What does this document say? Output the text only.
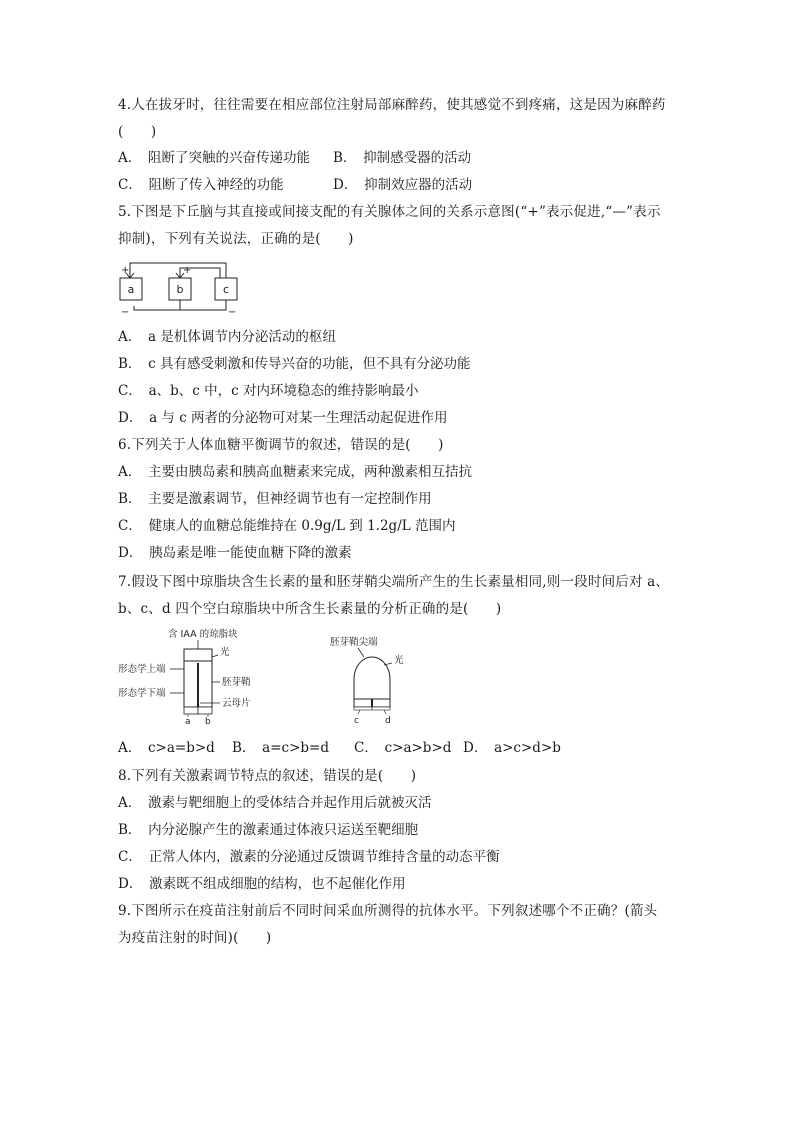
4.人在拔牙时，往往需要在相应部位注射局部麻醉药，使其感觉不到疼痛，这是因为麻醉药
(　　)
A．　阻断了突触的兴奋传递功能 B．　抑制感受器的活动
C．　阻断了传入神经的功能	D．　抑制效应器的活动
5.下图是下丘脑与其直接或间接支配的有关腺体之间的关系示意图(“+”表示促进,“—”表示
抑制)，下列有关说法，正确的是(　　)
a	b	c
+	+
−	−
A．　a 是机体调节内分泌活动的枢纽
B．　c 具有感受刺激和传导兴奋的功能，但不具有分泌功能
C．　a、b、c 中，c 对内环境稳态的维持影响最小
D．　a 与 c 两者的分泌物可对某一生理活动起促进作用
6.下列关于人体血糖平衡调节的叙述，错误的是(　　)
A．　主要由胰岛素和胰高血糖素来完成，两种激素相互拮抗
B．　主要是激素调节，但神经调节也有一定控制作用
C．　健康人的血糖总能维持在 0.9g/L 到 1.2g/L 范围内
D．　胰岛素是唯一能使血糖下降的激素
7.假设下图中琼脂块含生长素的量和胚芽鞘尖端所产生的生长素量相同,则一段时间后对 a、
b、c、d 四个空白琼脂块中所含生长素量的分析正确的是(　　)
含 IAA 的琼脂块
光
形态学上端
胚芽鞘
形态学下端
云母片
a b
胚芽鞘尖端
光
c	d
A．　c>a=b>d B．　a=c>b=d C．　c>a>b>d D．　a>c>d>b
8.下列有关激素调节特点的叙述，错误的是(　　)
A．　激素与靶细胞上的受体结合并起作用后就被灭活
B．　内分泌腺产生的激素通过体液只运送至靶细胞
C．　正常人体内，激素的分泌通过反馈调节维持含量的动态平衡
D．　激素既不组成细胞的结构，也不起催化作用
9.下图所示在疫苗注射前后不同时间采血所测得的抗体水平。下列叙述哪个不正确？(箭头
为疫苗注射的时间)(　　)
